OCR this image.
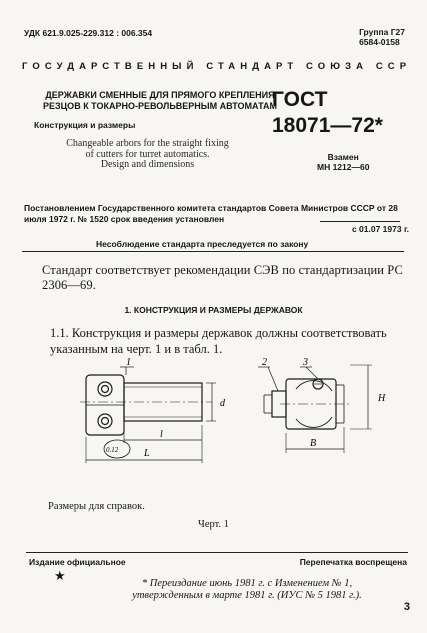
УДК 621.9.025-229.312 : 006.354	Группа Г27
6584-0158
ГОСУДАРСТВЕННЫЙ СТАНДАРТ СОЮЗА ССР
ДЕРЖАВКИ СМЕННЫЕ ДЛЯ ПРЯМОГО КРЕПЛЕНИЯ
РЕЗЦОВ К ТОКАРНО-РЕВОЛЬВЕРНЫМ АВТОМАТАМ
Конструкция и размеры
Changeable arbors for the straight fixing
of cutters for turret automatics.
Design and dimensions
ГОСТ
18071—72*
Взамен
МН 1212—60
Постановлением Государственного комитета стандартов Совета Министров СССР от 28 июля 1972 г. № 1520 срок введения установлен
с 01.07 1973 г.
Несоблюдение стандарта преследуется по закону
Стандарт соответствует рекомендации СЭВ по стандартизации РС 2306—69.
1. КОНСТРУКЦИЯ И РАЗМЕРЫ ДЕРЖАВОК
1.1. Конструкция и размеры державок должны соответствовать указанным на черт. 1 и в табл. 1.
1	2	3
d
l
L
B
H
0.12
Размеры для справок.
Черт. 1
Издание официальное	Перепечатка воспрещена
★
* Переиздание июнь 1981 г. с Изменением № 1,
утвержденным в марте 1981 г. (ИУС № 5 1981 г.).
3
